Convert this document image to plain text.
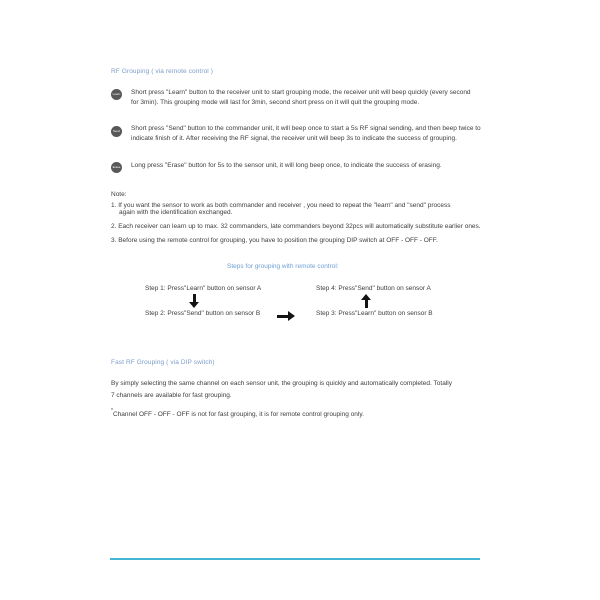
RF Grouping ( via remote control )
Learn Short press "Learn" button to the receiver unit to start grouping mode, the receiver unit will beep quickly (every second
for 3min). This grouping mode will last for 3min, second short press on it will quit the grouping mode.
Send Short press "Send" button to the commander unit, it will beep once to start a 5s RF signal sending, and then beep twice to
indicate finish of it. After receiving the RF signal, the receiver unit will beep 3s to indicate the success of grouping.
Erase Long press "Erase" button for 5s to the sensor unit, it will long beep once, to indicate the success of erasing.
Note:
1. If you want the sensor to work as both commander and receiver , you need to repeat the "learn" and "send" process
again with the identification exchanged.
2. Each receiver can learn up to max. 32 commanders, late commanders beyond 32pcs will automatically substitute earlier ones.
3. Before using the remote control for grouping, you have to position the grouping DIP switch at OFF - OFF - OFF.
Steps for grouping with remote control:
Step 1: Press"Learn" button on sensor A	Step 4: Press"Send" button on sensor A
Step 2: Press"Send" button on sensor B	Step 3: Press"Learn" button on sensor B
Fast RF Grouping ( via DIP switch)
By simply selecting the same channel on each sensor unit, the grouping is quickly and automatically completed. Totally
7 channels are available for fast grouping.
*Channel OFF - OFF - OFF is not for fast grouping, it is for remote control grouping only.
